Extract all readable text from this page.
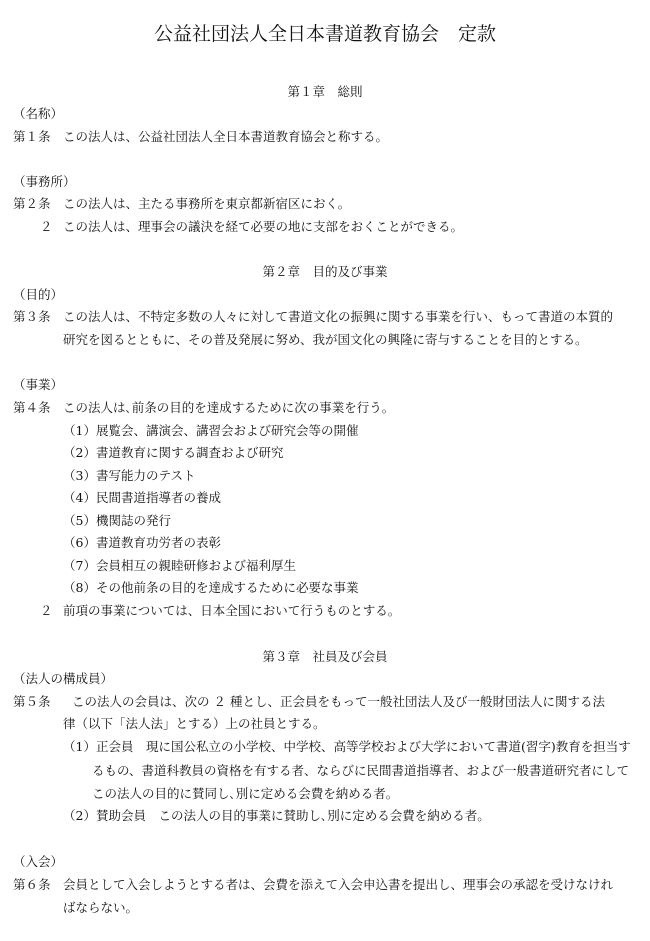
公益社団法人全日本書道教育協会　定款
第１章　総則
（名称）
第１条 この法人は、公益社団法人全日本書道教育協会と称する。
（事務所）
第２条 この法人は、主たる事務所を東京都新宿区におく。
２ この法人は、理事会の議決を経て必要の地に支部をおくことができる。
第２章　目的及び事業
（目的）
第３条 この法人は、不特定多数の人々に対して書道文化の振興に関する事業を行い、もって書道の本質的
研究を図るとともに、その普及発展に努め、我が国文化の興隆に寄与することを目的とする。
（事業）
第４条 この法人は､前条の目的を達成するために次の事業を行う。
（1）展覧会、講演会、講習会および研究会等の開催
（2）書道教育に関する調査および研究
（3）書写能力のテスト
（4）民間書道指導者の養成
（5）機関誌の発行
（6）書道教育功労者の表彰
（7）会員相互の親睦研修および福利厚生
（8）その他前条の目的を達成するために必要な事業
２ 前項の事業については、日本全国において行うものとする。
第３章　社員及び会員
（法人の構成員）
第５条 この法人の会員は、次の ２ 種とし、正会員をもって一般社団法人及び一般財団法人に関する法
律（以下「法人法」とする）上の社員とする。
（1）正会員　現に国公私立の小学校、中学校、高等学校および大学において書道(習字)教育を担当す
るもの、書道科教員の資格を有する者、ならびに民間書道指導者、および一般書道研究者にして
この法人の目的に賛同し､別に定める会費を納める者｡
（2）賛助会員　この法人の目的事業に賛助し､別に定める会費を納める者｡
（入会）
第６条 会員として入会しようとする者は、会費を添えて入会申込書を提出し、理事会の承認を受けなけれ
ばならない。
